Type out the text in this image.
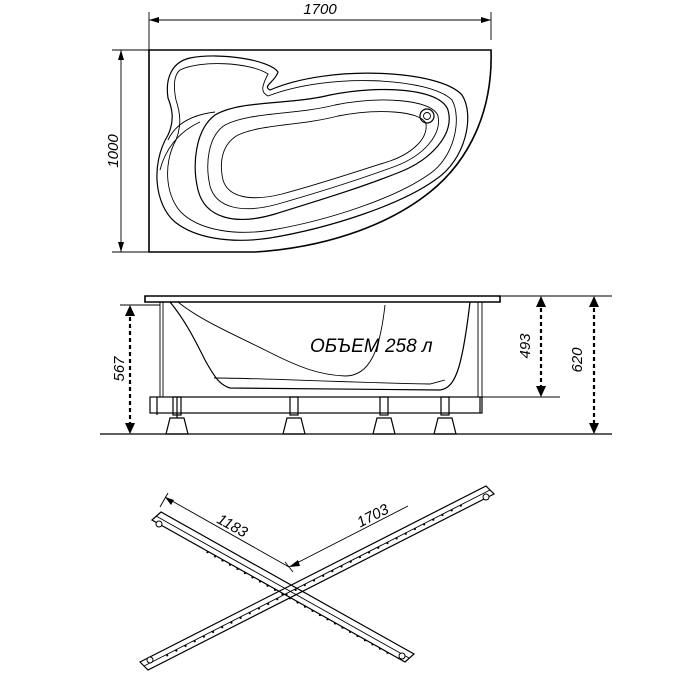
1700
1000
ОБЪЕМ 258 л
567
493
620
1183	1703
